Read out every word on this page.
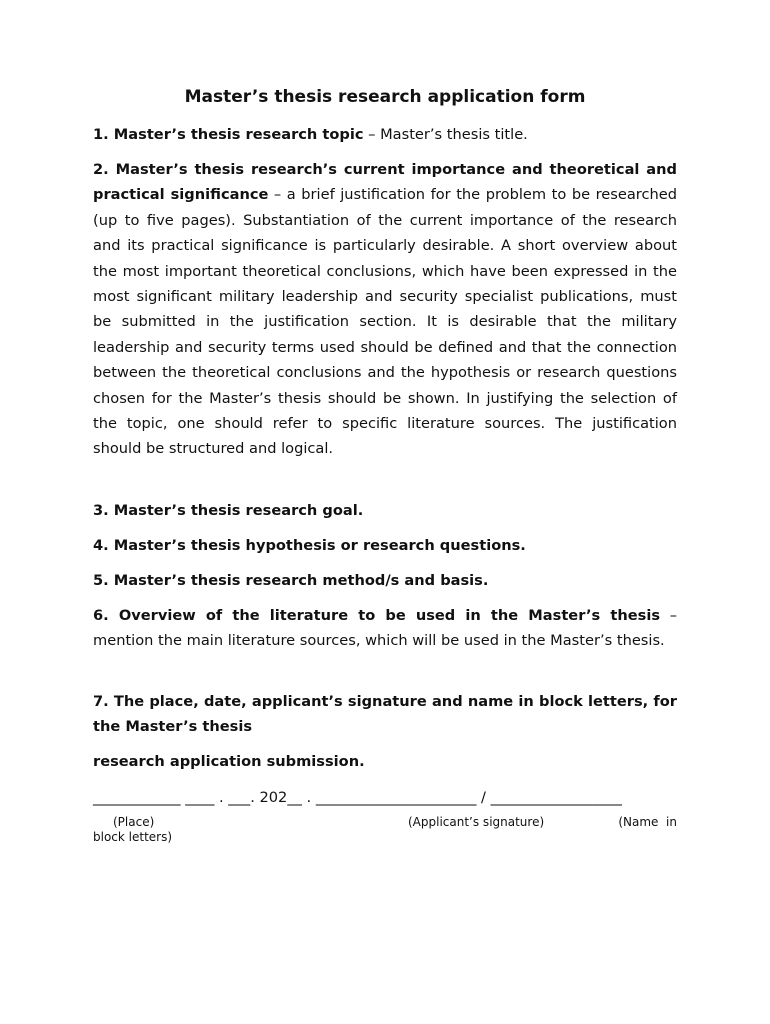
Master’s thesis research application form

1. Master’s thesis research topic – Master’s thesis title.

2. Master’s thesis research’s current importance and theoretical and practical significance – a brief justification for the problem to be researched (up to five pages). Substantiation of the current importance of the research and its practical significance is particularly desirable. A short overview about the most important theoretical conclusions, which have been expressed in the most significant military leadership and security specialist publications, must be submitted in the justification section. It is desirable that the military leadership and security terms used should be defined and that the connection between the theoretical conclusions and the hypothesis or research questions chosen for the Master’s thesis should be shown. In justifying the selection of the topic, one should refer to specific literature sources. The justification should be structured and logical.

3. Master’s thesis research goal.

4. Master’s thesis hypothesis or research questions.

5. Master’s thesis research method/s and basis.

6. Overview of the literature to be used in the Master’s thesis – mention the main literature sources, which will be used in the Master’s thesis.

7. The place, date, applicant’s signature and name in block letters, for the Master’s thesis

research application submission.

____________ ____ . ___. 202__ . ______________________ / __________________
(Place)	(Applicant’s signature)	(Name  in
block letters)
